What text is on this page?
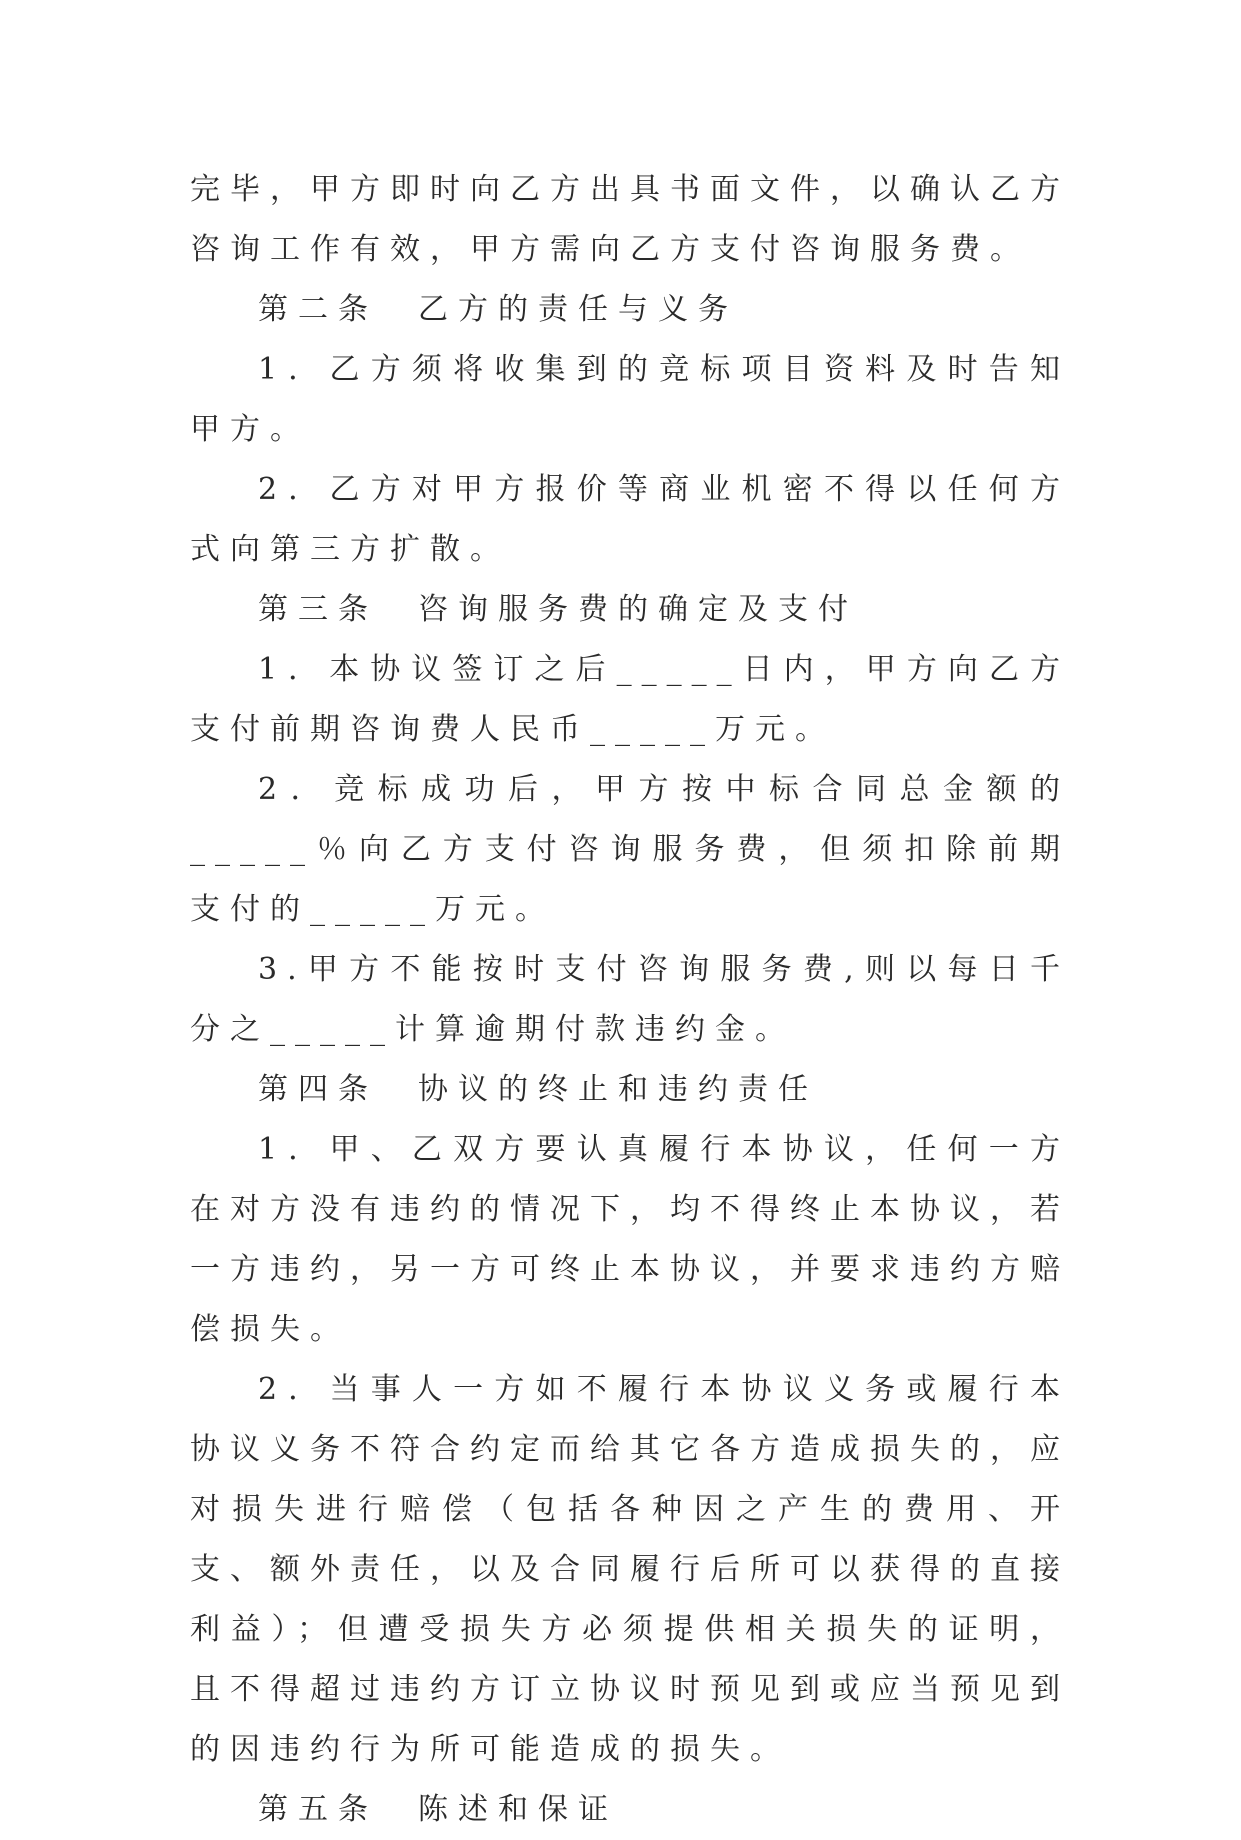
完毕，甲方即时向乙方出具书面文件，以确认乙方咨询工作有效，甲方需向乙方支付咨询服务费。

第二条　乙方的责任与义务

1．乙方须将收集到的竞标项目资料及时告知甲方。

2．乙方对甲方报价等商业机密不得以任何方式向第三方扩散。

第三条　咨询服务费的确定及支付

1．本协议签订之后_____日内，甲方向乙方支付前期咨询费人民币_____万元。

2．竞标成功后，甲方按中标合同总金额的_____％向乙方支付咨询服务费，但须扣除前期支付的_____万元。

3.甲方不能按时支付咨询服务费,则以每日千分之_____计算逾期付款违约金。

第四条　协议的终止和违约责任

1．甲、乙双方要认真履行本协议，任何一方在对方没有违约的情况下，均不得终止本协议，若一方违约，另一方可终止本协议，并要求违约方赔偿损失。

2．当事人一方如不履行本协议义务或履行本协议义务不符合约定而给其它各方造成损失的，应对损失进行赔偿（包括各种因之产生的费用、开支、额外责任，以及合同履行后所可以获得的直接利益）；但遭受损失方必须提供相关损失的证明，且不得超过违约方订立协议时预见到或应当预见到的因违约行为所可能造成的损失。

第五条　陈述和保证
